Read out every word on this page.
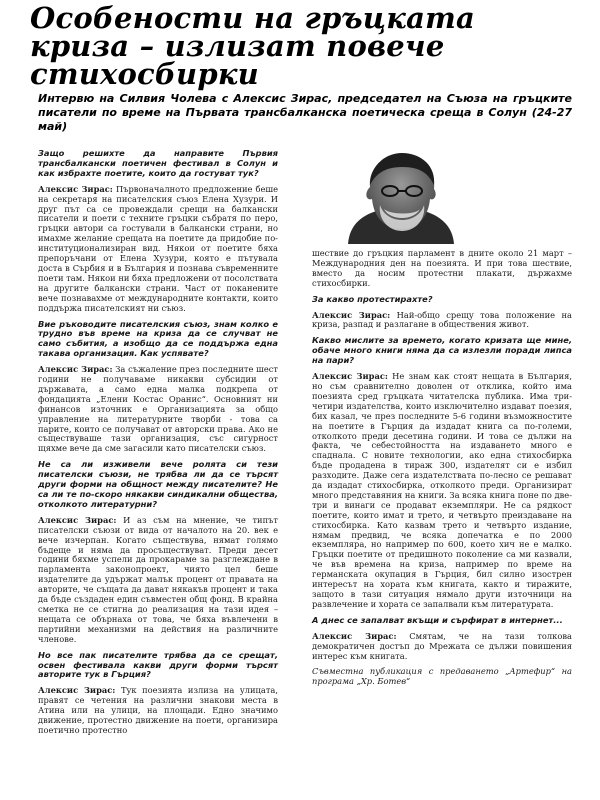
Особености на гръцката криза – излизат повече стихосбирки

Интервю на Силвия Чолева с Алексис Зирас, председател на Съюза на гръцките писатели по време на Първата трансбалканска поетическа среща в Солун (24-27 май)

Защо решихте да направите Първия трансбалкански поетичен фестивал в Солун и как избрахте поетите, които да гостуват тук?

Алексис Зирас: Първоначалното предложение беше на секретаря на писателския съюз Елена Хузури. И друг път са се провеждали срещи на балкански писатели и поети с техните гръцки събратя по перо, гръцки автори са гостували в балкански страни, но имахме желание срещата на поетите да придобие по-институционализиран вид. Някои от поетите бяха препоръчани от Елена Хузури, която е пътувала доста в Сърбия и в България и познава съвременните поети там. Някои ни бяха предложени от посолствата на другите балкански страни. Част от поканените вече познавахме от международните контакти, които поддържа писателският ни съюз.

Вие ръководите писателския съюз, знам колко е трудно във време на криза да се случват не само събития, а изобщо да се поддържа една такава организация. Как успявате?

Алексис Зирас: За съжаление през последните шест години не получаваме никакви субсидии от държавата, а само една малка подкрепа от фондацията „Елени Костас Оранис“. Основният ни финансов източник е Организацията за общо управление на литературните творби - това са парите, които се получават от авторски права. Ако не съществуваше тази организация, със сигурност щяхме вече да сме загасили като писателски съюз.

Не са ли изживели вече ролята си тези писателски съюзи, не трябва ли да се търсят други форми на общност между писателите? Не са ли те по-скоро някакви синдикални общества, отколкото литературни?

Алексис Зирас: И аз съм на мнение, че типът писателски съюзи от вида от началото на 20. век е вече изчерпан. Когато съществува, нямат голямо бъдеще и няма да просъществуват. Преди десет години бяхме успели да прокараме за разглеждане в парламента законопроект, чиято цел беше издателите да удържат малък процент от правата на авторите, че същата да дават някакъв процент и така да бъде създаден един съвместен общ фонд. В крайна сметка не се стигна до реализация на тази идея – нещата се обърнаха от това, че бяха въвлечени в партийни механизми на действия на различните членове.

Но все пак писателите трябва да се срещат, освен фестивала какви други форми търсят авторите тук в Гърция?

Алексис Зирас: Тук поезията излиза на улицата, правят се четения на различни знакови места в Атина или на улици, на площади. Едно значимо движение, протестно движение на поети, организира поетично протестно

шествие до гръцкия парламент в дните около 21 март – Международния ден на поезията. И при това шествие, вместо да носим протестни плакати, държахме стихосбирки.

За какво протестирахте?

Алексис Зирас: Най-общо срещу това положение на криза, разпад и разлагане в обществения живот.

Какво мислите за времето, когато кризата ще мине, обаче много книги няма да са излезли поради липса на пари?

Алексис Зирас: Не знам как стоят нещата в България, но съм сравнително доволен от отклика, който има поезията сред гръцката читателска публика. Има три-четири издателства, които изключително издават поезия, бих казал, че през последните 5-6 години възможностите на поетите в Гърция да издадат книга са по-големи, отколкото преди десетина години. И това се дължи на факта, че себестойността на издаването много е спаднала. С новите технологии, ако една стихосбирка бъде продадена в тираж 300, издателят си е избил разходите. Даже сега издателствата по-лесно се решават да издадат стихосбирка, отколкото преди. Организират много представяния на книги. За всяка книга поне по две-три и винаги се продават екземпляри. Не са рядкост поетите, които имат и трето, и четвърто преиздаване на стихосбирка. Като казвам трето и четвърто издание, нямам предвид, че всяка допечатка е по 2000 екземпляра, но например по 600, което хич не е малко. Гръцки поетите от предишното поколение са ми казвали, че във времена на криза, например по време на германската окупация в Гърция, бил силно изострен интересът на хората към книгата, както и тиражите, защото в тази ситуация нямало други източници на развлечение и хората се запалвали към литературата.

А днес се запалват вкъщи и сърфират в интернет...

Алексис Зирас: Смятам, че на тази толкова демократичен достъп до Мрежата се дължи повишения интерес към книгата.

Съвместна публикация с предаването „Артефир“ на програма „Хр. Ботев“
